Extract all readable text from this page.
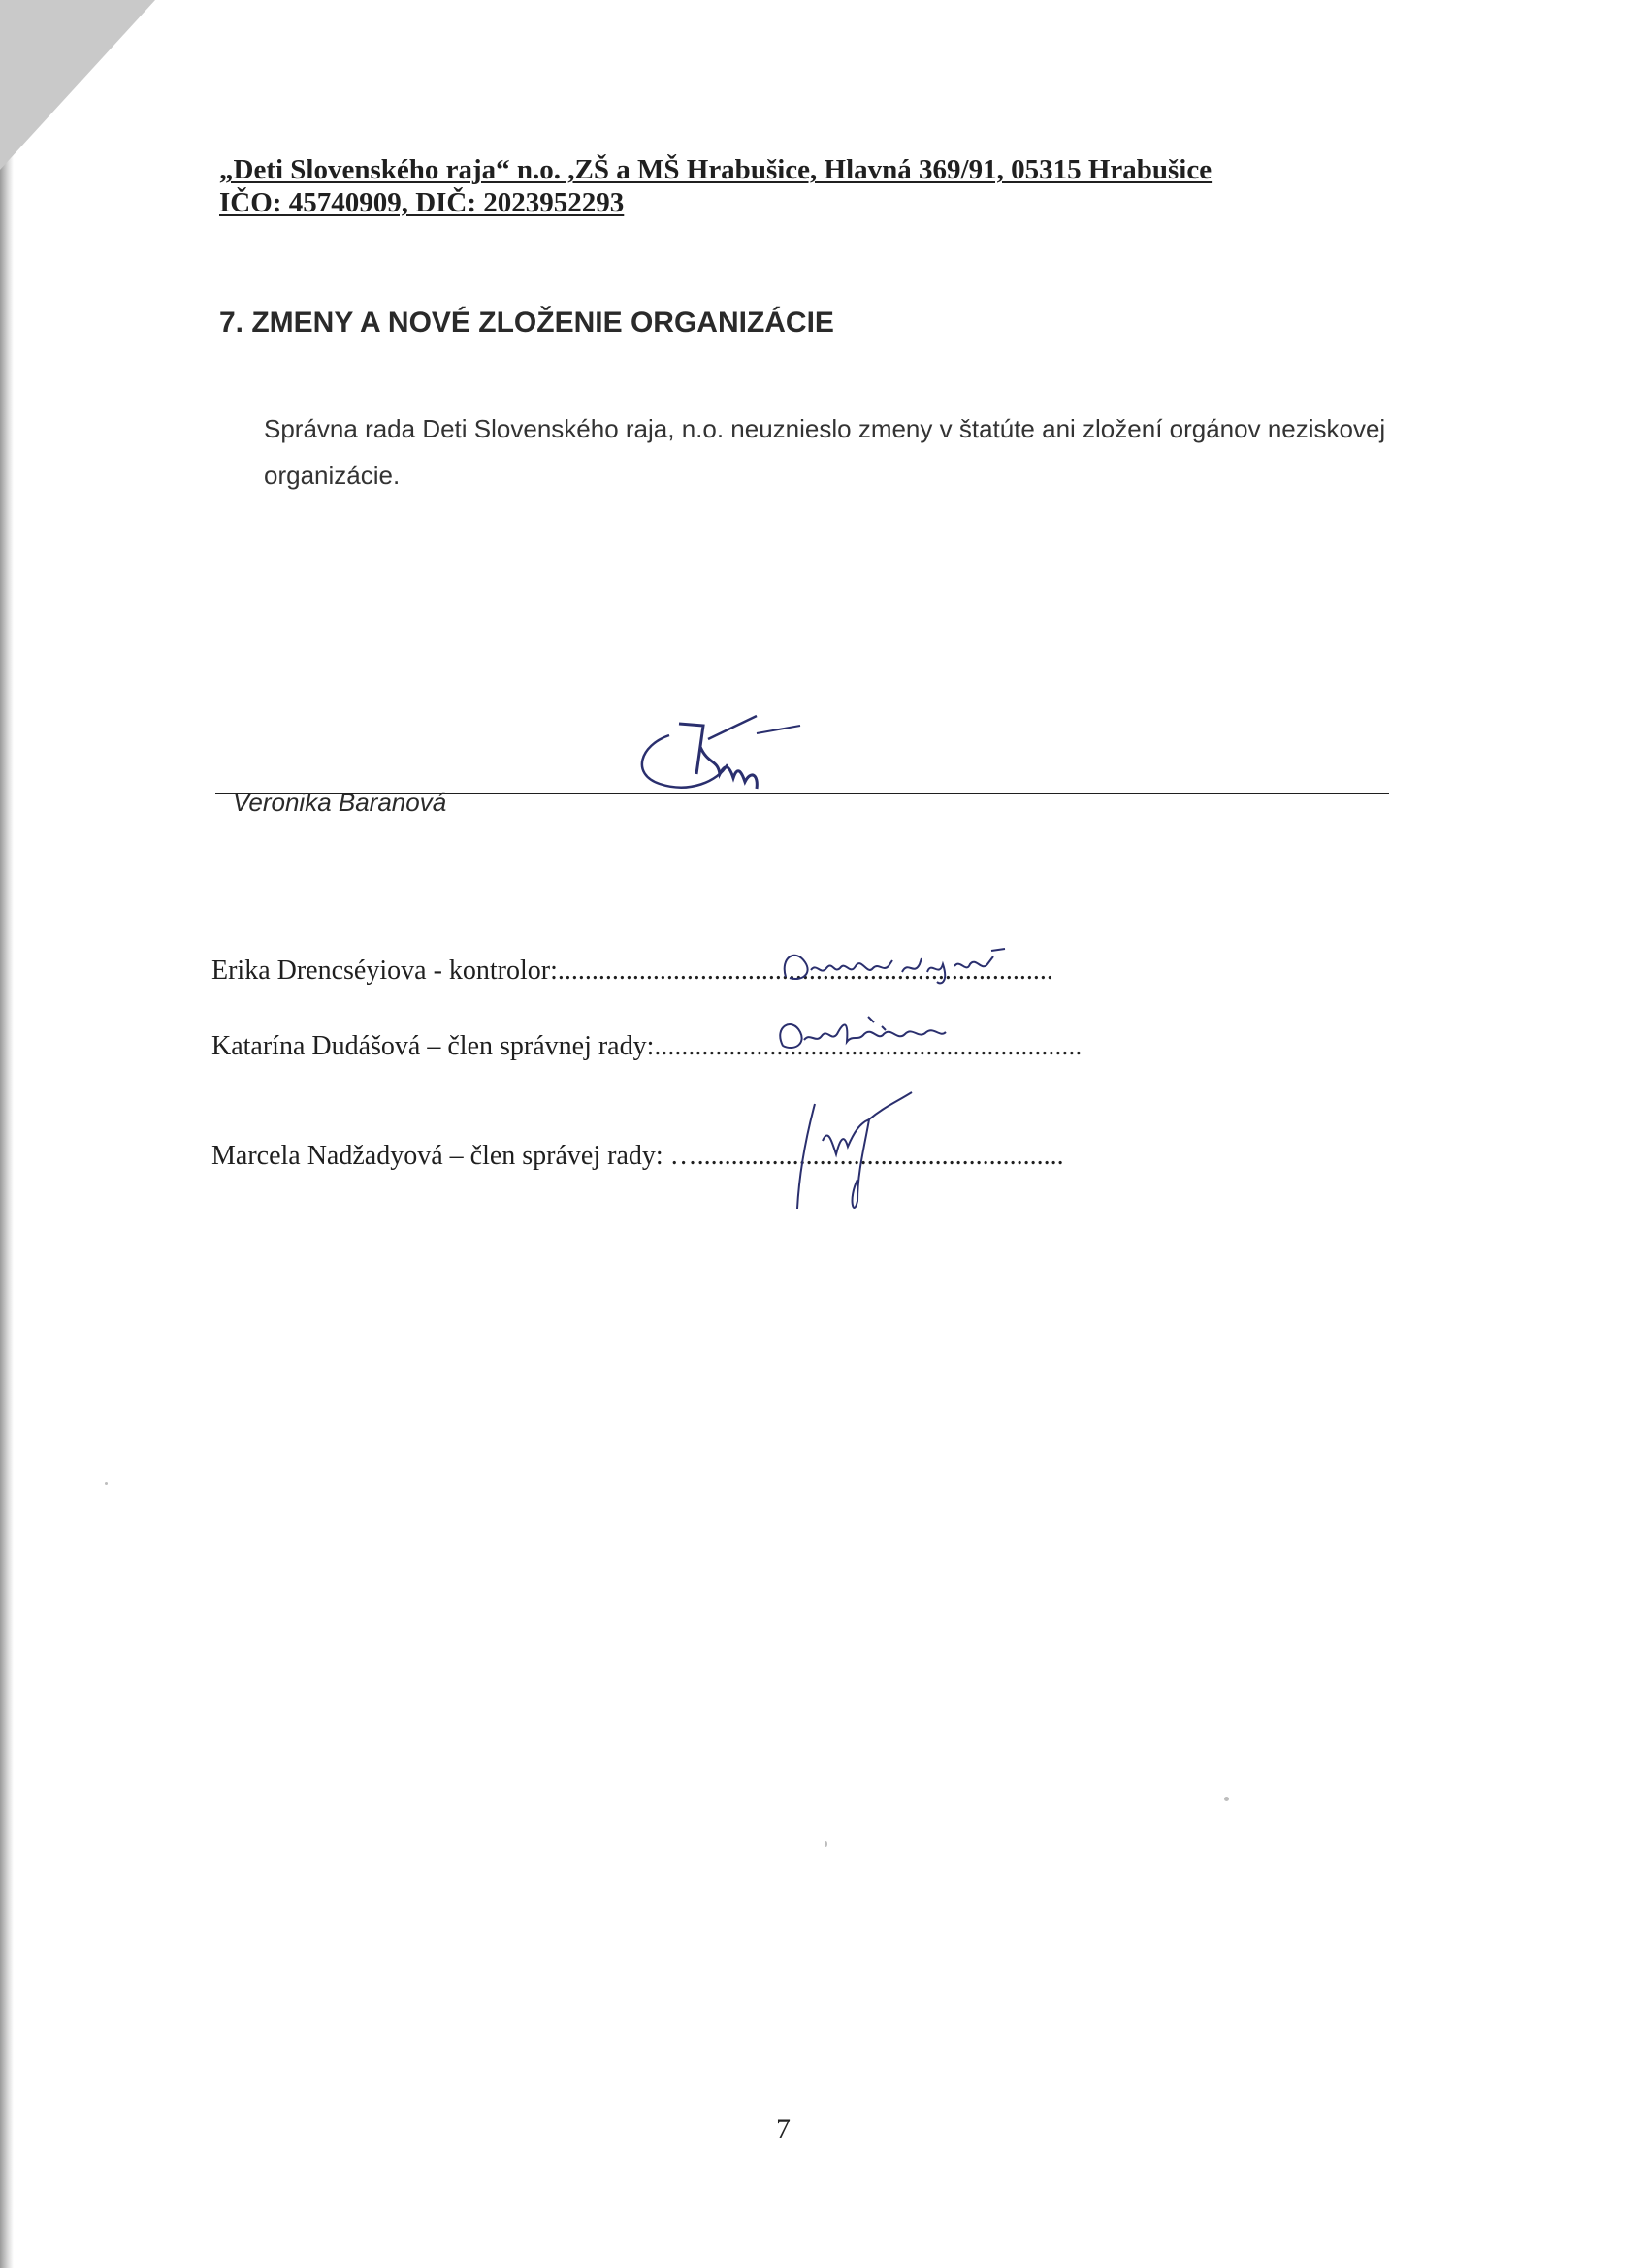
„Deti Slovenského raja“ n.o. ,ZŠ a MŠ Hrabušice, Hlavná 369/91, 05315 Hrabušice
IČO: 45740909, DIČ: 2023952293
7. ZMENY A NOVÉ ZLOŽENIE ORGANIZÁCIE
Správna rada Deti Slovenského raja, n.o. neuznieslo zmeny v štatúte ani zložení orgánov neziskovej organizácie.
Veronika Baranová
Erika Drencséyiova - kontrolor:.........................................................................
Katarína Dudášová – člen správnej rady:...............................................................
Marcela Nadžadyová – člen správej rady: …......................................................
7
